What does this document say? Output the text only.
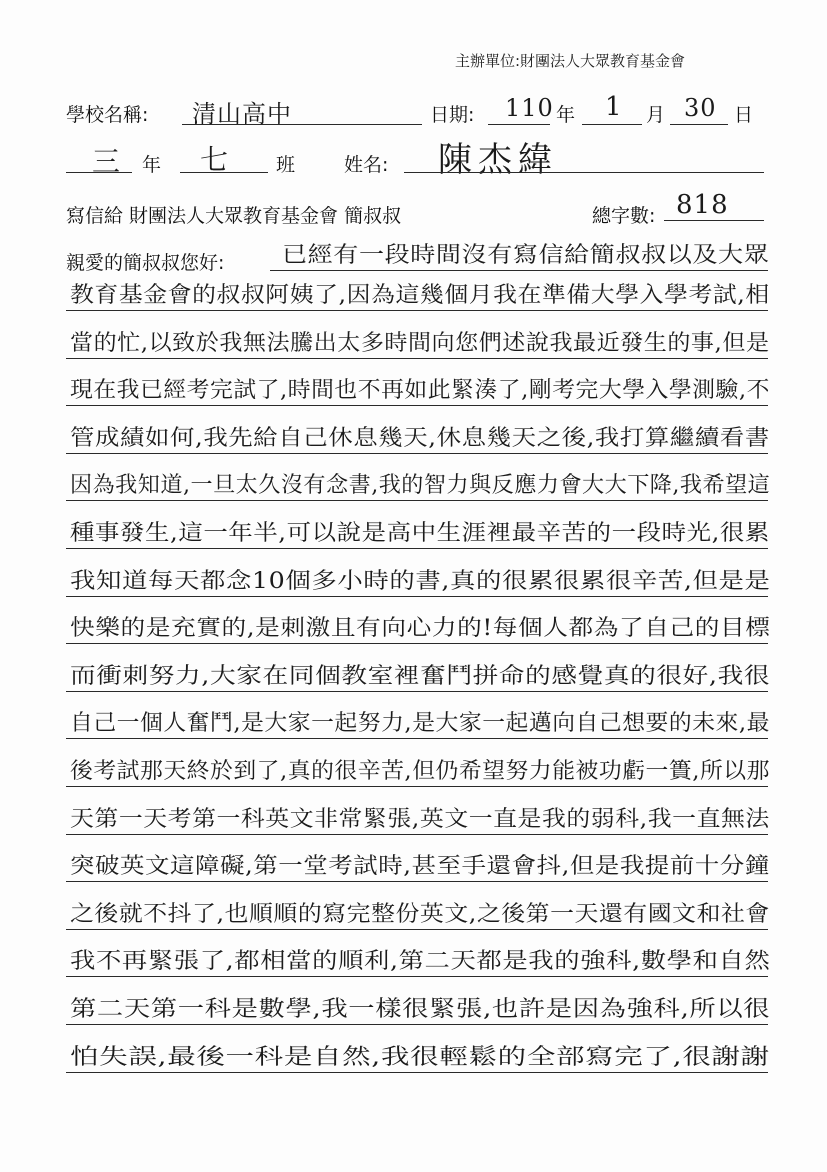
主辦單位:財團法人大眾教育基金會
學校名稱: 清山高中	日期: 110 年 1 月 30 日
三 年 七 班	姓名: 陳杰緯
寫信給 財團法人大眾教育基金會 簡叔叔	總字數: 818
親愛的簡叔叔您好:	已經有一段時間沒有寫信給簡叔叔以及大眾
教育基金會的叔叔阿姨了,因為這幾個月我在準備大學入學考試,相
當的忙,以致於我無法騰出太多時間向您們述說我最近發生的事,但是
現在我已經考完試了,時間也不再如此緊湊了,剛考完大學入學測驗,不
管成績如何,我先給自己休息幾天,休息幾天之後,我打算繼續看書
因為我知道,一旦太久沒有念書,我的智力與反應力會大大下降,我希望這
種事發生,這一年半,可以說是高中生涯裡最辛苦的一段時光,很累
我知道每天都念10個多小時的書,真的很累很累很辛苦,但是是
快樂的是充實的,是刺激且有向心力的!每個人都為了自己的目標
而衝刺努力,大家在同個教室裡奮鬥拼命的感覺真的很好,我很
自己一個人奮鬥,是大家一起努力,是大家一起邁向自己想要的未來,最
後考試那天終於到了,真的很辛苦,但仍希望努力能被功虧一簣,所以那
天第一天考第一科英文非常緊張,英文一直是我的弱科,我一直無法
突破英文這障礙,第一堂考試時,甚至手還會抖,但是我提前十分鐘
之後就不抖了,也順順的寫完整份英文,之後第一天還有國文和社會
我不再緊張了,都相當的順利,第二天都是我的強科,數學和自然
第二天第一科是數學,我一樣很緊張,也許是因為強科,所以很
怕失誤,最後一科是自然,我很輕鬆的全部寫完了,很謝謝
